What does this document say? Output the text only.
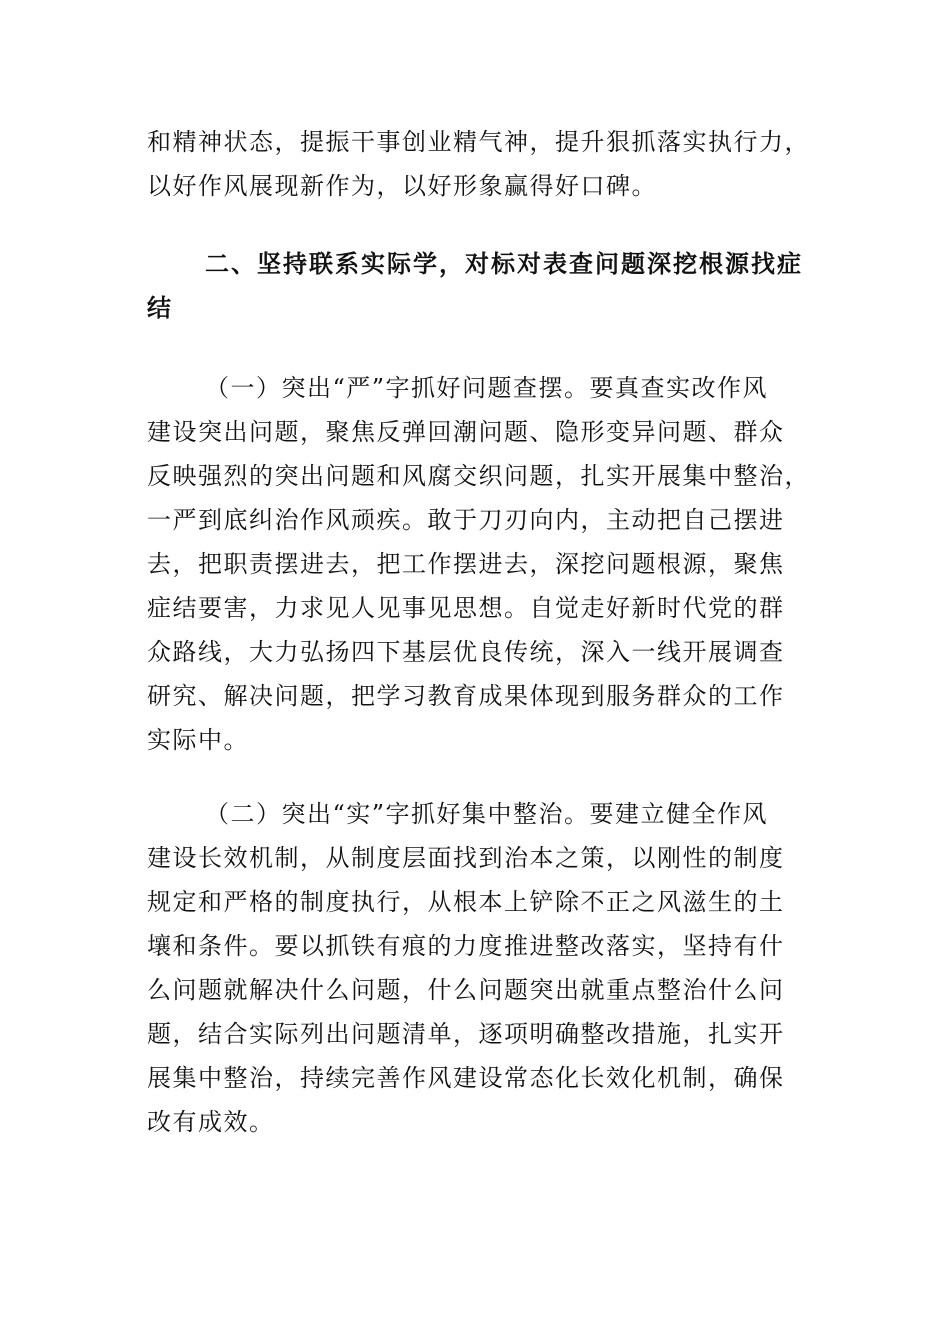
和精神状态，提振干事创业精气神，提升狠抓落实执行力，
以好作风展现新作为，以好形象赢得好口碑。
二、坚持联系实际学，对标对表查问题深挖根源找症
结
（一）突出“严”字抓好问题查摆。要真查实改作风
建设突出问题，聚焦反弹回潮问题、隐形变异问题、群众
反映强烈的突出问题和风腐交织问题，扎实开展集中整治，
一严到底纠治作风顽疾。敢于刀刃向内，主动把自己摆进
去，把职责摆进去，把工作摆进去，深挖问题根源，聚焦
症结要害，力求见人见事见思想。自觉走好新时代党的群
众路线，大力弘扬四下基层优良传统，深入一线开展调查
研究、解决问题，把学习教育成果体现到服务群众的工作
实际中。
（二）突出“实”字抓好集中整治。要建立健全作风
建设长效机制，从制度层面找到治本之策，以刚性的制度
规定和严格的制度执行，从根本上铲除不正之风滋生的土
壤和条件。要以抓铁有痕的力度推进整改落实，坚持有什
么问题就解决什么问题，什么问题突出就重点整治什么问
题，结合实际列出问题清单，逐项明确整改措施，扎实开
展集中整治，持续完善作风建设常态化长效化机制，确保
改有成效。
